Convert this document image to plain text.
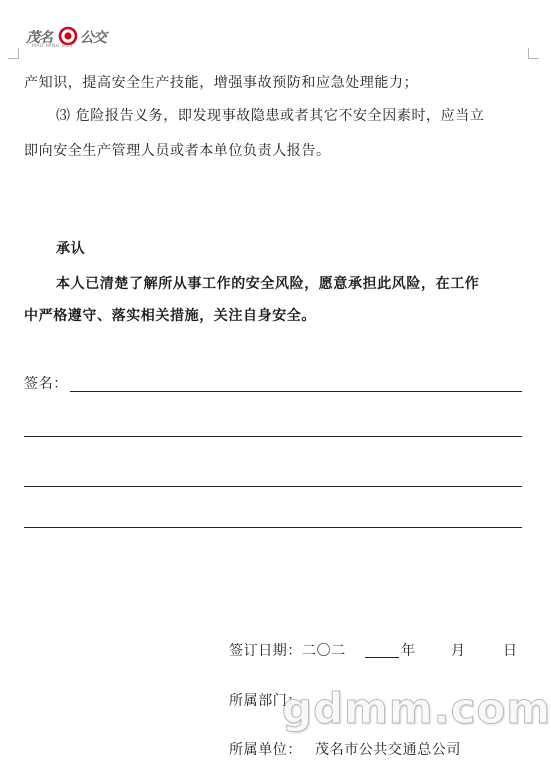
茂名 公交
MAO MING BUS
产知识，提高安全生产技能，增强事故预防和应急处理能力；
⑶ 危险报告义务，即发现事故隐患或者其它不安全因素时，应当立
即向安全生产管理人员或者本单位负责人报告。
承认
本人已清楚了解所从事工作的安全风险，愿意承担此风险，在工作
中严格遵守、落实相关措施，关注自身安全。
签名：
签订日期：二〇二	年	月	日
所属部门：
所属单位： 茂名市公共交通总公司
gdmm.com
